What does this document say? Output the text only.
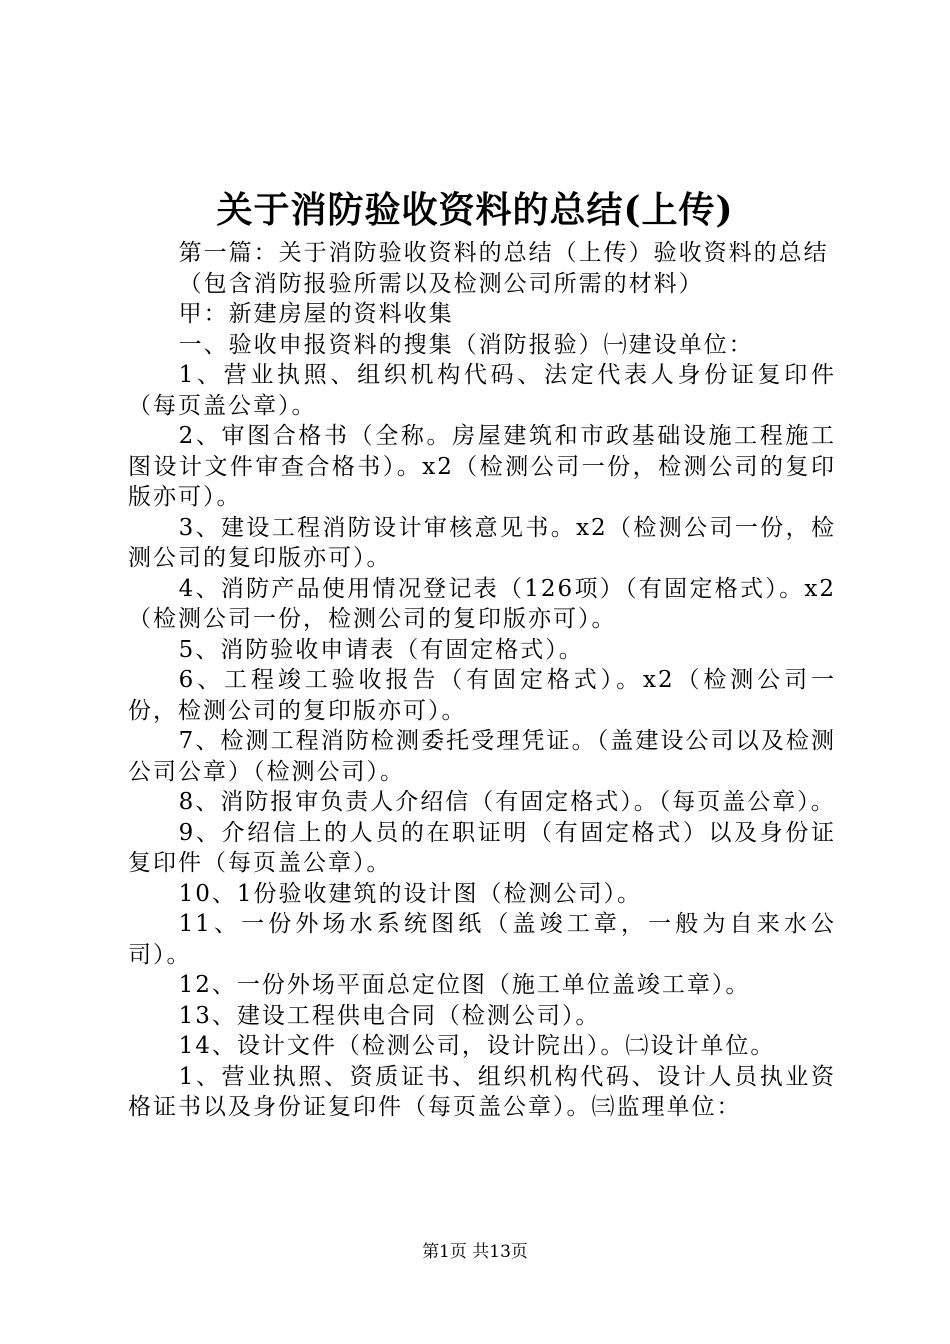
关于消防验收资料的总结(上传)

第一篇：关于消防验收资料的总结（上传）验收资料的总结

（包含消防报验所需以及检测公司所需的材料）

甲：新建房屋的资料收集

一、验收申报资料的搜集（消防报验）㈠建设单位：

1、营业执照、组织机构代码、法定代表人身份证复印件（每页盖公章）。

2、审图合格书（全称。房屋建筑和市政基础设施工程施工图设计文件审查合格书）。x2（检测公司一份，检测公司的复印版亦可）。

3、建设工程消防设计审核意见书。x2（检测公司一份，检测公司的复印版亦可）。

4、消防产品使用情况登记表（126项）（有固定格式）。x2（检测公司一份，检测公司的复印版亦可）。

5、消防验收申请表（有固定格式）。

6、工程竣工验收报告（有固定格式）。x2（检测公司一份，检测公司的复印版亦可）。

7、检测工程消防检测委托受理凭证。（盖建设公司以及检测公司公章）（检测公司）。

8、消防报审负责人介绍信（有固定格式）。（每页盖公章）。

9、介绍信上的人员的在职证明（有固定格式）以及身份证复印件（每页盖公章）。

10、1份验收建筑的设计图（检测公司）。

11、一份外场水系统图纸（盖竣工章，一般为自来水公司）。

12、一份外场平面总定位图（施工单位盖竣工章）。

13、建设工程供电合同（检测公司）。

14、设计文件（检测公司，设计院出）。㈡设计单位。

1、营业执照、资质证书、组织机构代码、设计人员执业资格证书以及身份证复印件（每页盖公章）。㈢监理单位：

第1页 共13页
